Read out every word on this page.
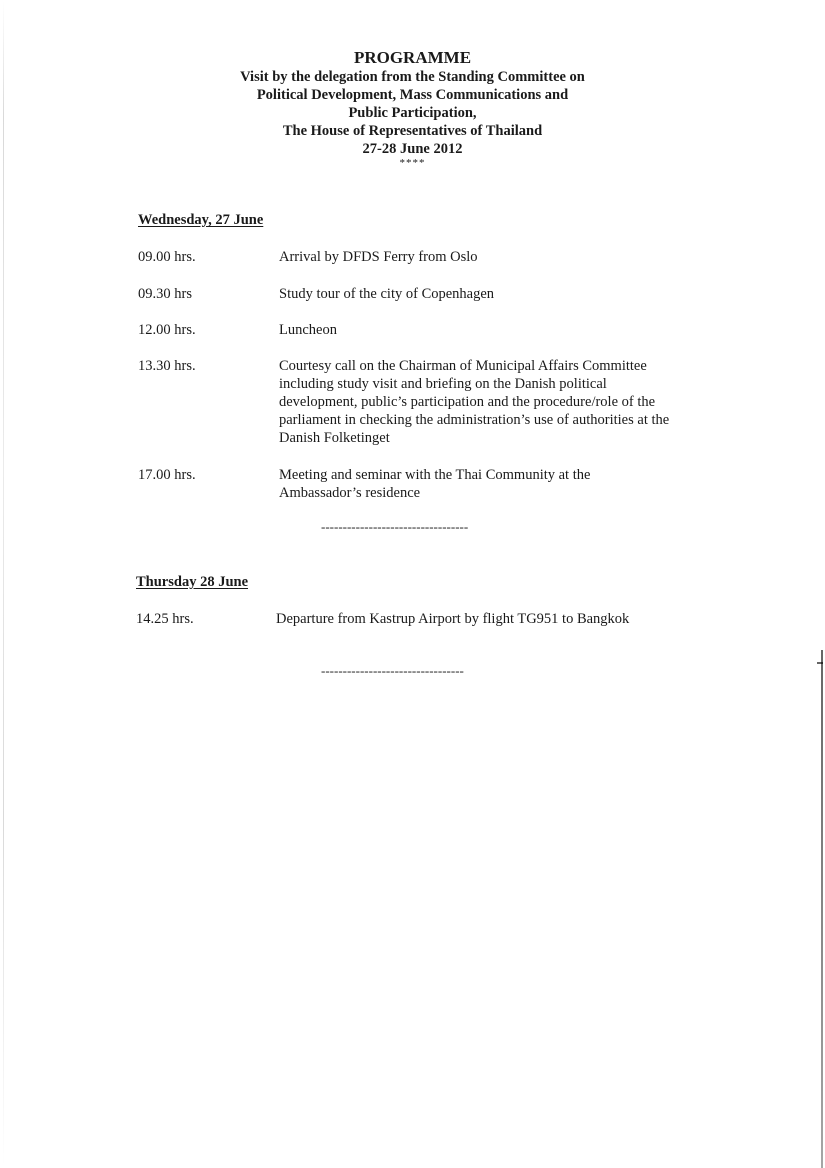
PROGRAMME
Visit by the delegation from the Standing Committee on
Political Development, Mass Communications and
Public Participation,
The House of Representatives of Thailand
27-28 June 2012
****
Wednesday, 27 June
09.00 hrs.	Arrival by DFDS Ferry from Oslo
09.30 hrs	Study tour of the city of Copenhagen
12.00 hrs.	Luncheon
13.30 hrs.	Courtesy call on the Chairman of Municipal Affairs Committee including study visit and briefing on the Danish political development, public’s participation and the procedure/role of the parliament in checking the administration’s use of authorities at the Danish Folketinget
17.00 hrs.	Meeting and seminar with the Thai Community at the Ambassador’s residence
----------------------------------
Thursday 28 June
14.25 hrs.	Departure from Kastrup Airport by flight TG951 to Bangkok
---------------------------------
